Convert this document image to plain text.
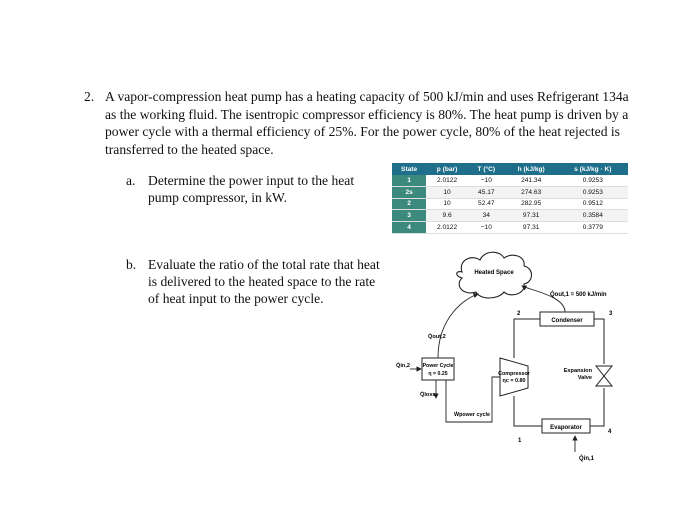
2. A vapor-compression heat pump has a heating capacity of 500 kJ/min and uses Refrigerant 134a as the working fluid. The isentropic compressor efficiency is 80%. The heat pump is driven by a power cycle with a thermal efficiency of 25%. For the power cycle, 80% of the heat rejected is transferred to the heated space.
a. Determine the power input to the heat pump compressor, in kW.
b. Evaluate the ratio of the total rate that heat is delivered to the heated space to the rate of heat input to the power cycle.
State	p (bar)	T (°C)	h (kJ/kg)	s (kJ/kg · K)
1	2.0122	−10	241.34	0.9253
2s	10	45.17	274.63	0.9253
2	10	52.47	282.95	0.9512
3	9.6	34	97.31	0.3584
4	2.0122	−10	97.31	0.3779
Heated Space
Q̇out,1 = 500 kJ/min
Condenser
Expansion
Valve
Evaporator
Q̇in,1
Compressor
ηc = 0.80
2	3
4
1
Power Cycle
η = 0.25
Q̇in,2
Q̇out,2
Q̇loss
Ẇpower cycle
